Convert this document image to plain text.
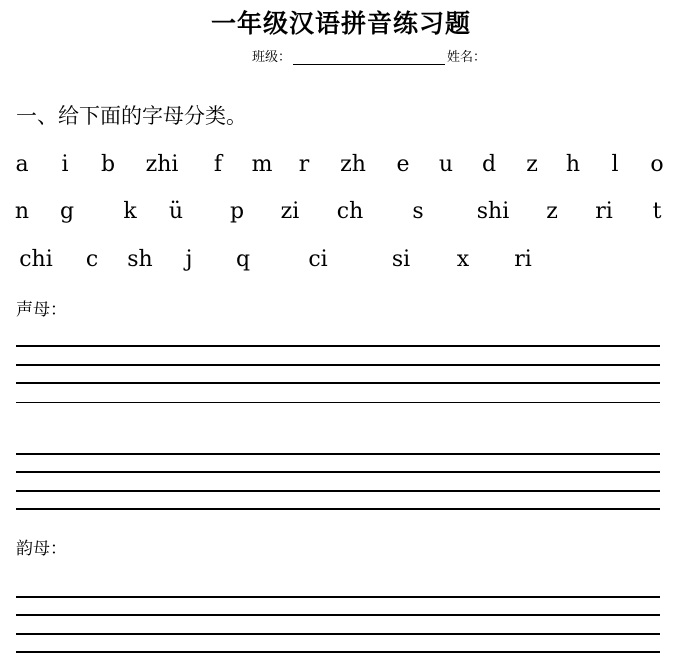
一年级汉语拼音练习题
班级：	姓名：
一、给下面的字母分类。
a i b zhi f m r zh e u d z h l o
n g k ü p zi ch s shi z ri t
chi c sh j q	ci	si x ri
声母：
韵母：
